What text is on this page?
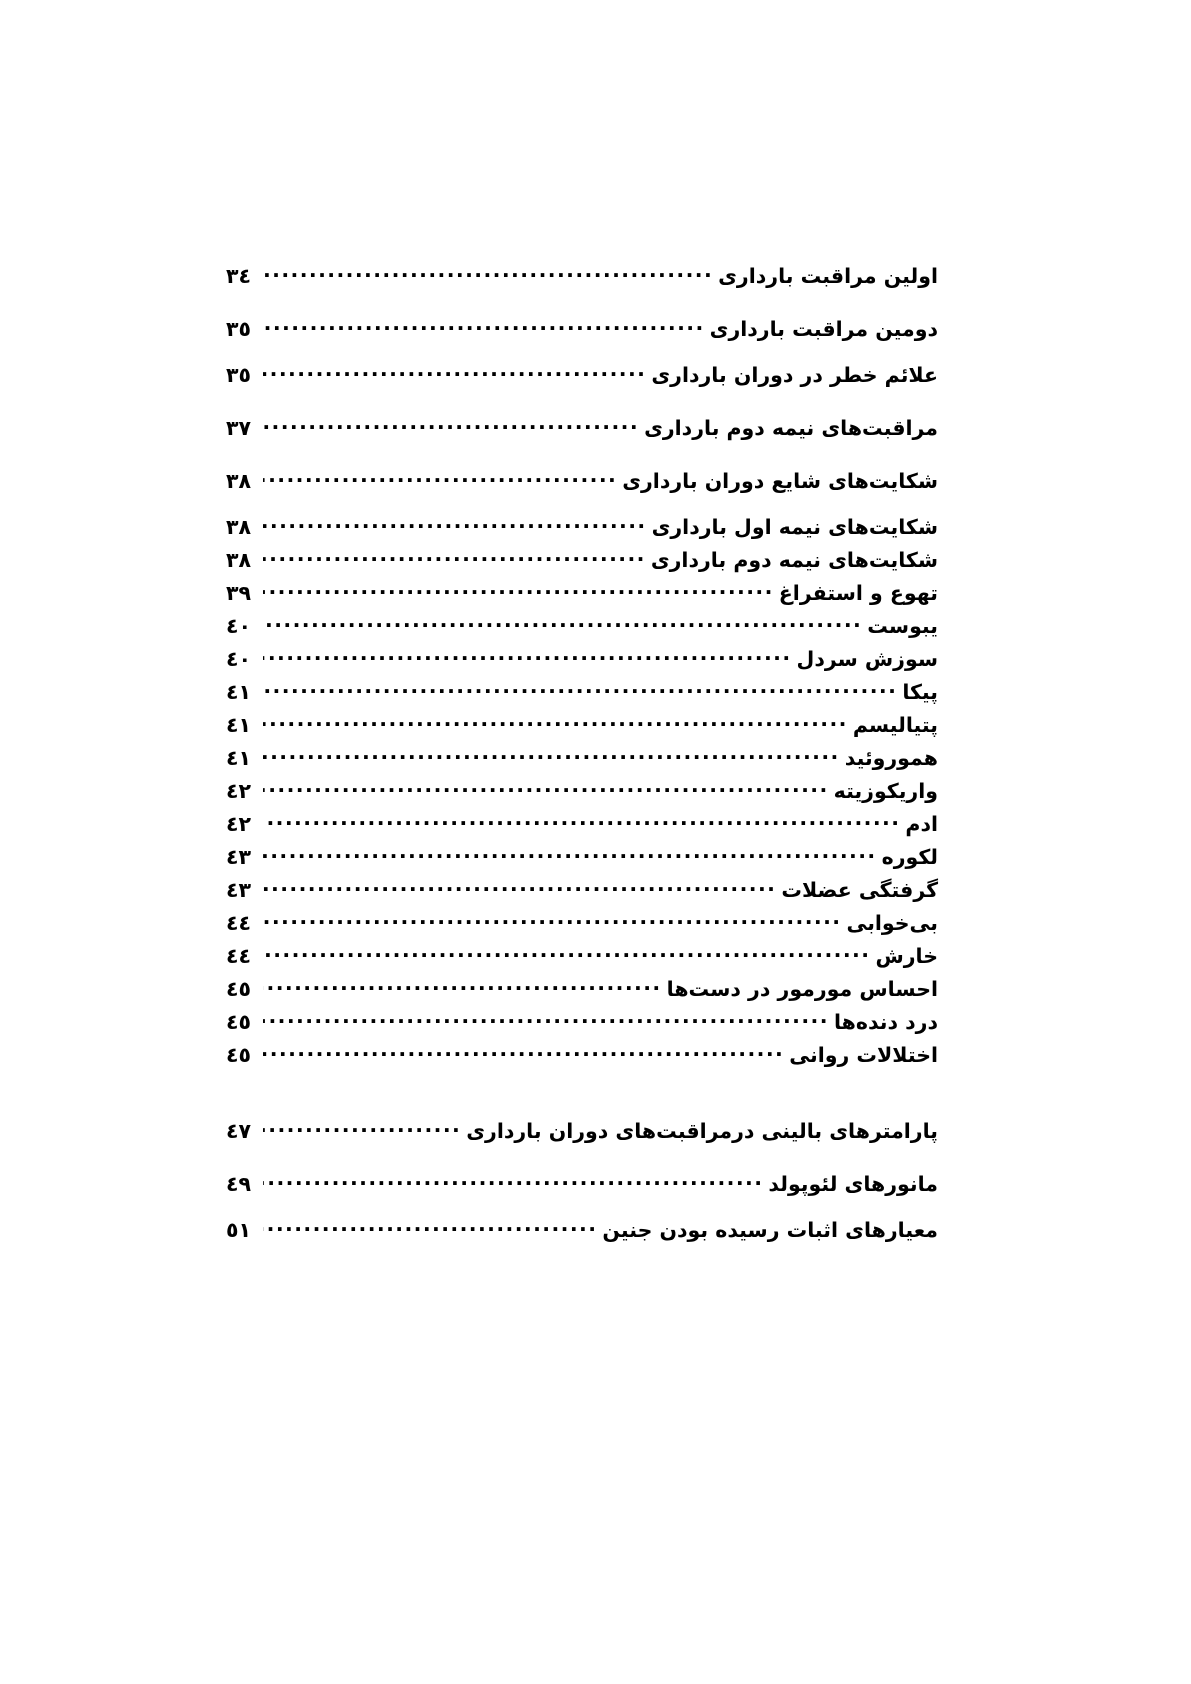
اولین مراقبت بارداری
.....
٣٤
دومین مراقبت بارداری
.....
٣٥
علائم خطر در دوران بارداری
.....
٣٥
مراقبت‌های نیمه دوم بارداری
.....
٣٧
شکایت‌های شایع دوران بارداری
.....
٣٨
شکایت‌های نیمه اول بارداری
.....
٣٨
شکایت‌های نیمه دوم بارداری
.....
٣٨
تهوع و استفراغ
.....
٣٩
یبوست
.....
٤٠
سوزش سردل
.....
٤٠
پیکا
.....
٤١
پتیالیسم
.....
٤١
هموروئید
.....
٤١
واریکوزیته
.....
٤٢
ادم
.....
٤٢
لکوره
.....
٤٣
گرفتگی عضلات
.....
٤٣
بی‌خوابی
.....
٤٤
خارش
.....
٤٤
احساس مورمور در دست‌ها
.....
٤٥
درد دنده‌ها
.....
٤٥
اختلالات روانی
.....
٤٥
پارامترهای بالینی درمراقبت‌های دوران بارداری
.....
٤٧
مانورهای لئوپولد
.....
٤٩
معیارهای اثبات رسیده بودن جنین
.....
٥١
